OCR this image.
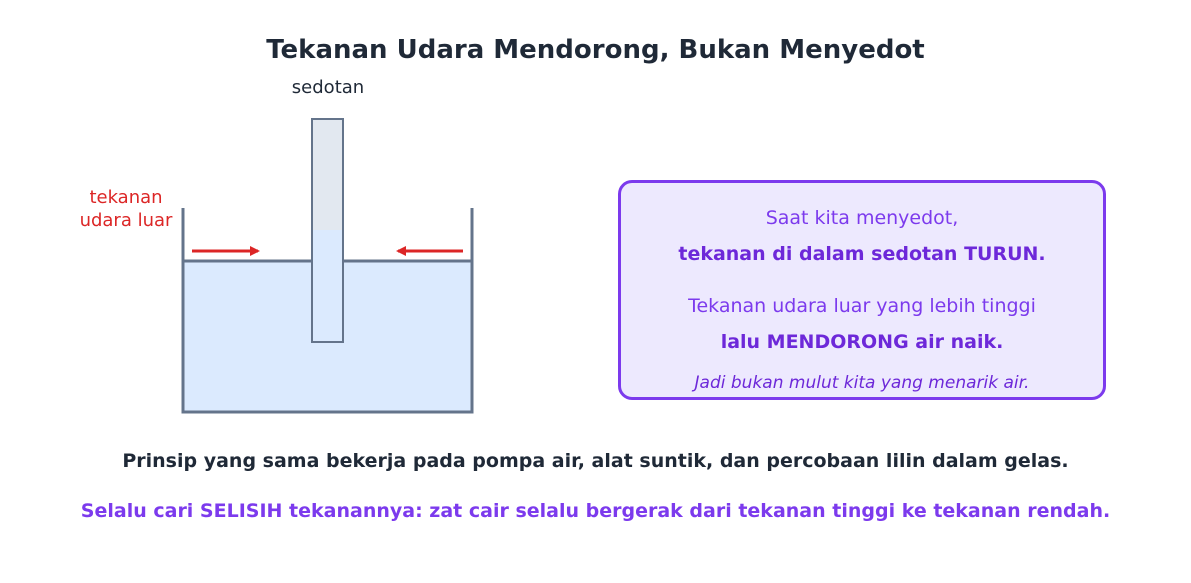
Tekanan Udara Mendorong, Bukan Menyedot
sedotan
tekanan
udara luar	Saat kita menyedot,
tekanan di dalam sedotan TURUN.
Tekanan udara luar yang lebih tinggi
lalu MENDORONG air naik.
Jadi bukan mulut kita yang menarik air.
Prinsip yang sama bekerja pada pompa air, alat suntik, dan percobaan lilin dalam gelas.
Selalu cari SELISIH tekanannya: zat cair selalu bergerak dari tekanan tinggi ke tekanan rendah.
